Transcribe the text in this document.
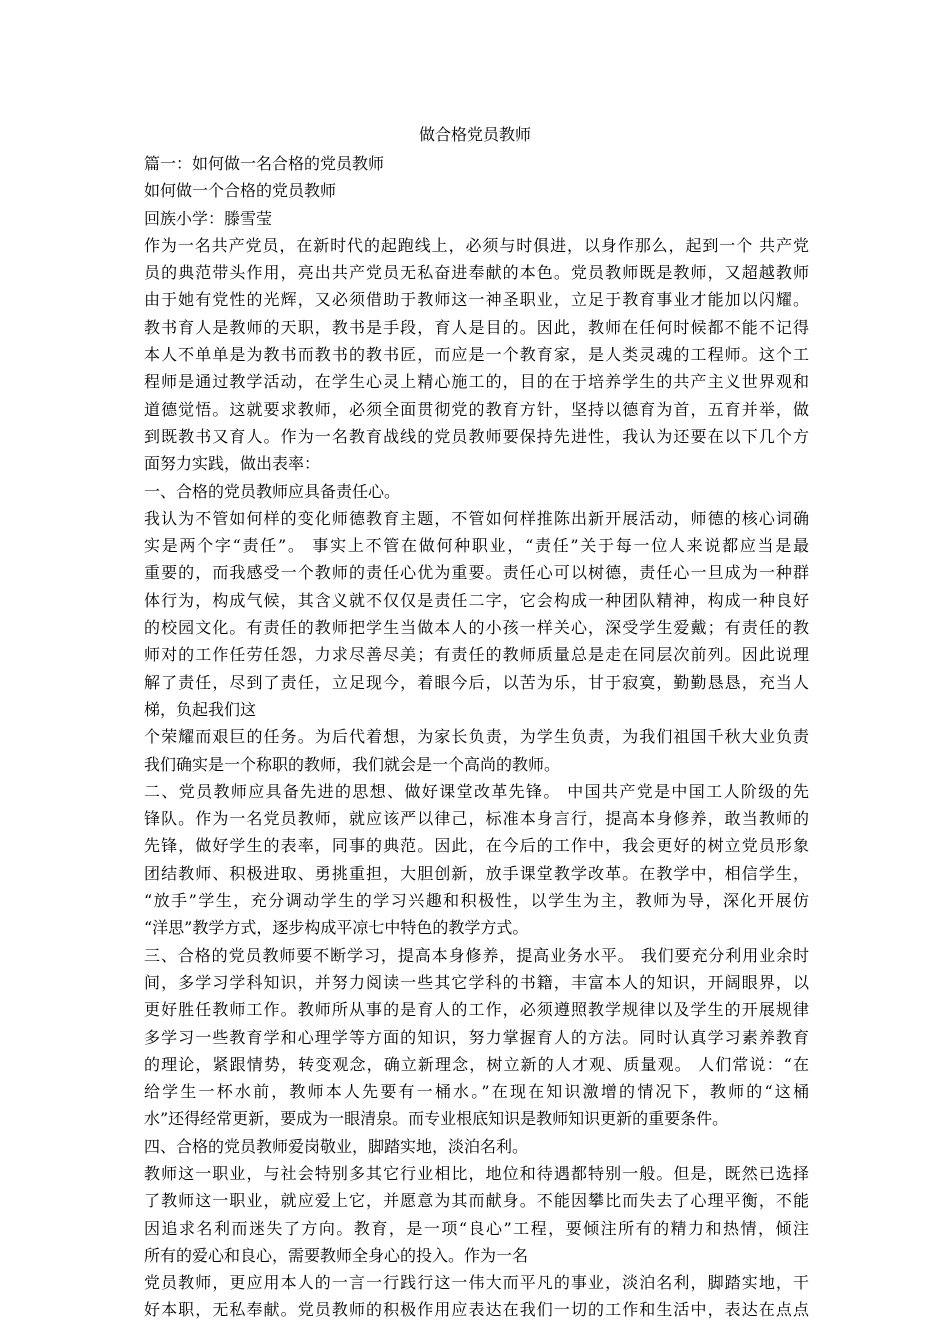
做合格党员教师
篇一：如何做一名合格的党员教师
如何做一个合格的党员教师
回族小学：滕雪莹
作为一名共产党员，在新时代的起跑线上，必须与时俱进，以身作那么，起到一个 共产党
员的典范带头作用，亮出共产党员无私奋进奉献的本色。党员教师既是教师，又超越教师
由于她有党性的光辉，又必须借助于教师这一神圣职业，立足于教育事业才能加以闪耀。
教书育人是教师的天职，教书是手段，育人是目的。因此，教师在任何时候都不能不记得
本人不单单是为教书而教书的教书匠，而应是一个教育家，是人类灵魂的工程师。这个工
程师是通过教学活动，在学生心灵上精心施工的，目的在于培养学生的共产主义世界观和
道德觉悟。这就要求教师，必须全面贯彻党的教育方针，坚持以德育为首，五育并举，做
到既教书又育人。作为一名教育战线的党员教师要保持先进性，我认为还要在以下几个方
面努力实践，做出表率：
一、合格的党员教师应具备责任心。
我认为不管如何样的变化师德教育主题，不管如何样推陈出新开展活动，师德的核心词确
实是两个字“责任”。 事实上不管在做何种职业，“责任”关于每一位人来说都应当是最
重要的，而我感受一个教师的责任心优为重要。责任心可以树德，责任心一旦成为一种群
体行为，构成气候，其含义就不仅仅是责任二字，它会构成一种团队精神，构成一种良好
的校园文化。有责任的教师把学生当做本人的小孩一样关心，深受学生爱戴；有责任的教
师对的工作任劳任怨，力求尽善尽美；有责任的教师质量总是走在同层次前列。因此说理
解了责任，尽到了责任，立足现今，着眼今后，以苦为乐，甘于寂寞，勤勤恳恳，充当人
梯，负起我们这
个荣耀而艰巨的任务。为后代着想，为家长负责，为学生负责，为我们祖国千秋大业负责
我们确实是一个称职的教师，我们就会是一个高尚的教师。
二、党员教师应具备先进的思想、做好课堂改革先锋。 中国共产党是中国工人阶级的先
锋队。作为一名党员教师，就应该严以律己，标准本身言行，提高本身修养，敢当教师的
先锋，做好学生的表率，同事的典范。因此，在今后的工作中，我会更好的树立党员形象
团结教师、积极进取、勇挑重担，大胆创新，放手课堂教学改革。在教学中，相信学生，
“放手”学生，充分调动学生的学习兴趣和积极性，以学生为主，教师为导，深化开展仿
“洋思”教学方式，逐步构成平凉七中特色的教学方式。
三、合格的党员教师要不断学习，提高本身修养，提高业务水平。 我们要充分利用业余时
间，多学习学科知识，并努力阅读一些其它学科的书籍，丰富本人的知识，开阔眼界，以
更好胜任教师工作。教师所从事的是育人的工作，必须遵照教学规律以及学生的开展规律
多学习一些教育学和心理学等方面的知识，努力掌握育人的方法。同时认真学习素养教育
的理论，紧跟情势，转变观念，确立新理念，树立新的人才观、质量观。 人们常说：“在
给学生一杯水前，教师本人先要有一桶水。”在现在知识激增的情况下，教师的“这桶
水”还得经常更新，要成为一眼清泉。而专业根底知识是教师知识更新的重要条件。
四、合格的党员教师爱岗敬业，脚踏实地，淡泊名利。
教师这一职业，与社会特别多其它行业相比，地位和待遇都特别一般。但是，既然已选择
了教师这一职业，就应爱上它，并愿意为其而献身。不能因攀比而失去了心理平衡，不能
因追求名利而迷失了方向。教育，是一项“良心”工程，要倾注所有的精力和热情，倾注
所有的爱心和良心，需要教师全身心的投入。作为一名
党员教师，更应用本人的一言一行践行这一伟大而平凡的事业，淡泊名利，脚踏实地，干
好本职，无私奉献。党员教师的积极作用应表达在我们一切的工作和生活中，表达在点点
